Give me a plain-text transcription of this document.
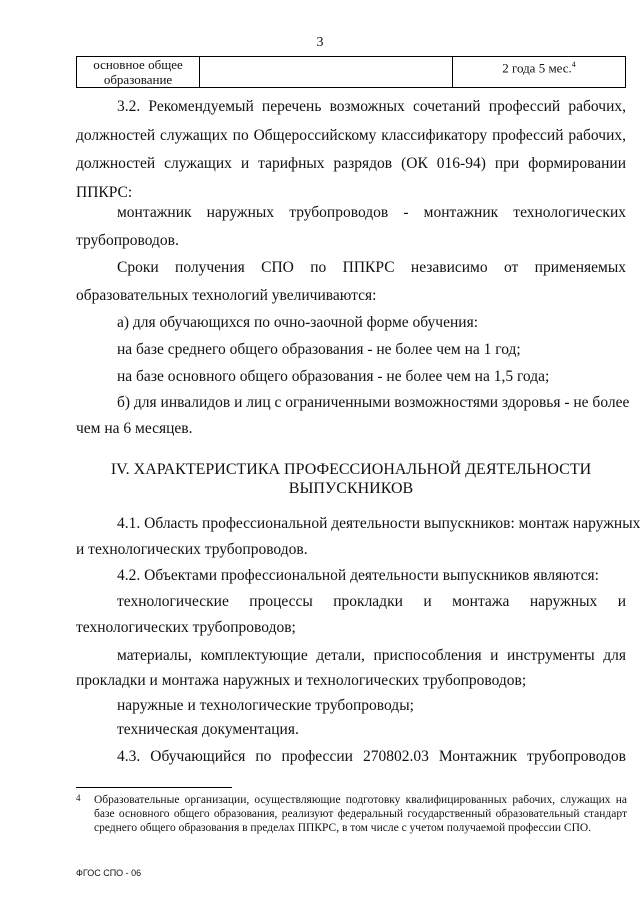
3
основное общее образование		2 года 5 мес.$^4$
3.2. Рекомендуемый перечень возможных сочетаний профессий рабочих,
должностей служащих по Общероссийскому классификатору профессий рабочих,
должностей служащих и тарифных разрядов (ОК 016-94) при формировании
ППКРС:
монтажник наружных трубопроводов - монтажник технологических
трубопроводов.
Сроки получения СПО по ППКРС независимо от применяемых
образовательных технологий увеличиваются:
а) для обучающихся по очно-заочной форме обучения:
на базе среднего общего образования - не более чем на 1 год;
на базе основного общего образования - не более чем на 1,5 года;
б) для инвалидов и лиц с ограниченными возможностями здоровья - не более
чем на 6 месяцев.
IV. ХАРАКТЕРИСТИКА ПРОФЕССИОНАЛЬНОЙ ДЕЯТЕЛЬНОСТИ
ВЫПУСКНИКОВ
4.1. Область профессиональной деятельности выпускников: монтаж наружных
и технологических трубопроводов.
4.2. Объектами профессиональной деятельности выпускников являются:
технологические процессы прокладки и монтажа наружных и
технологических трубопроводов;
материалы, комплектующие детали, приспособления и инструменты для
прокладки и монтажа наружных и технологических трубопроводов;
наружные и технологические трубопроводы;
техническая документация.
4.3. Обучающийся по профессии 270802.03 Монтажник трубопроводов
4 Образовательные организации, осуществляющие подготовку квалифицированных рабочих, служащих на базе основного общего образования, реализуют федеральный государственный образовательный стандарт среднего общего образования в пределах ППКРС, в том числе с учетом получаемой профессии СПО.
ФГОС СПО - 06
